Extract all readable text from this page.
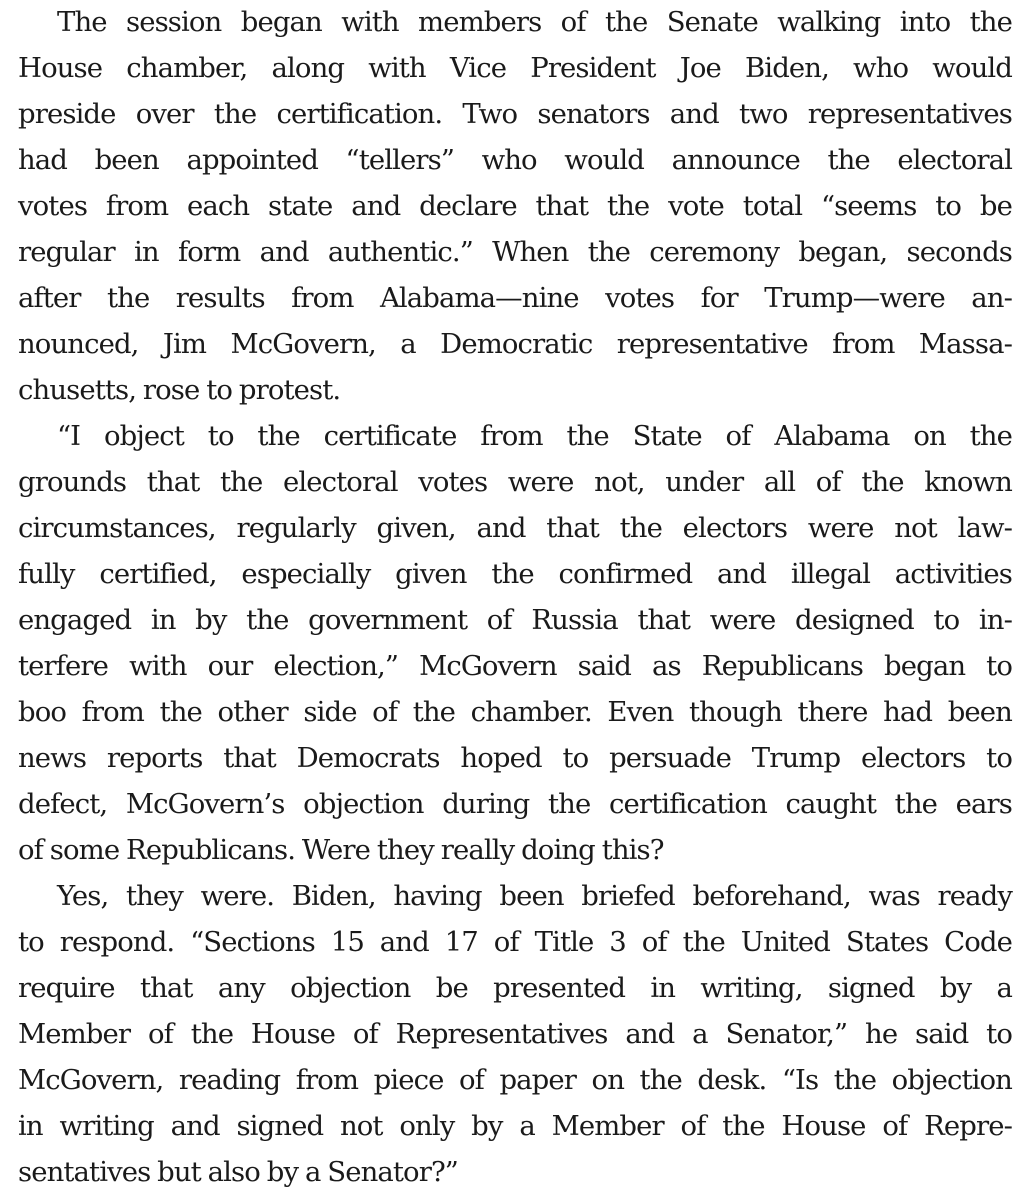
The session began with members of the Senate walking into the
House chamber, along with Vice President Joe Biden, who would
preside over the certification. Two senators and two representatives
had been appointed “tellers” who would announce the electoral
votes from each state and declare that the vote total “seems to be
regular in form and authentic.” When the ceremony began, seconds
after the results from Alabama—nine votes for Trump—were an-
nounced, Jim McGovern, a Democratic representative from Massa-
chusetts, rose to protest.
“I object to the certificate from the State of Alabama on the
grounds that the electoral votes were not, under all of the known
circumstances, regularly given, and that the electors were not law-
fully certified, especially given the confirmed and illegal activities
engaged in by the government of Russia that were designed to in-
terfere with our election,” McGovern said as Republicans began to
boo from the other side of the chamber. Even though there had been
news reports that Democrats hoped to persuade Trump electors to
defect, McGovern’s objection during the certification caught the ears
of some Republicans. Were they really doing this?
Yes, they were. Biden, having been briefed beforehand, was ready
to respond. “Sections 15 and 17 of Title 3 of the United States Code
require that any objection be presented in writing, signed by a
Member of the House of Representatives and a Senator,” he said to
McGovern, reading from piece of paper on the desk. “Is the objection
in writing and signed not only by a Member of the House of Repre-
sentatives but also by a Senator?”
